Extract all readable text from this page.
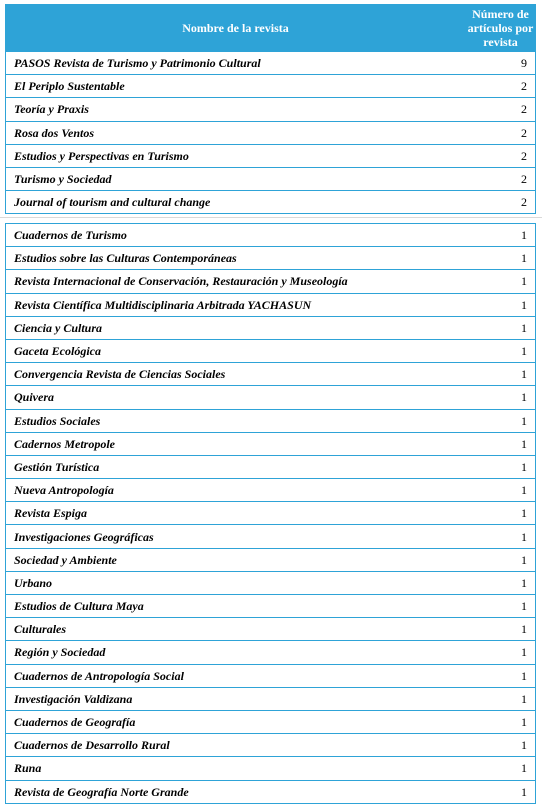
Nombre de la revista	Número de artículos por revista
PASOS Revista de Turismo y Patrimonio Cultural	9
El Periplo Sustentable	2
Teoría y Praxis	2
Rosa dos Ventos	2
Estudios y Perspectivas en Turismo	2
Turismo y Sociedad	2
Journal of tourism and cultural change	2
Cuadernos de Turismo	1
Estudios sobre las Culturas Contemporáneas	1
Revista Internacional de Conservación, Restauración y Museología	1
Revista Científica Multidisciplinaria Arbitrada YACHASUN	1
Ciencia y Cultura	1
Gaceta Ecológica	1
Convergencia Revista de Ciencias Sociales	1
Quivera	1
Estudios Sociales	1
Cadernos Metropole	1
Gestión Turística	1
Nueva Antropología	1
Revista Espiga	1
Investigaciones Geográficas	1
Sociedad y Ambiente	1
Urbano	1
Estudios de Cultura Maya	1
Culturales	1
Región y Sociedad	1
Cuadernos de Antropología Social	1
Investigación Valdizana	1
Cuadernos de Geografía	1
Cuadernos de Desarrollo Rural	1
Runa	1
Revista de Geografía Norte Grande	1
